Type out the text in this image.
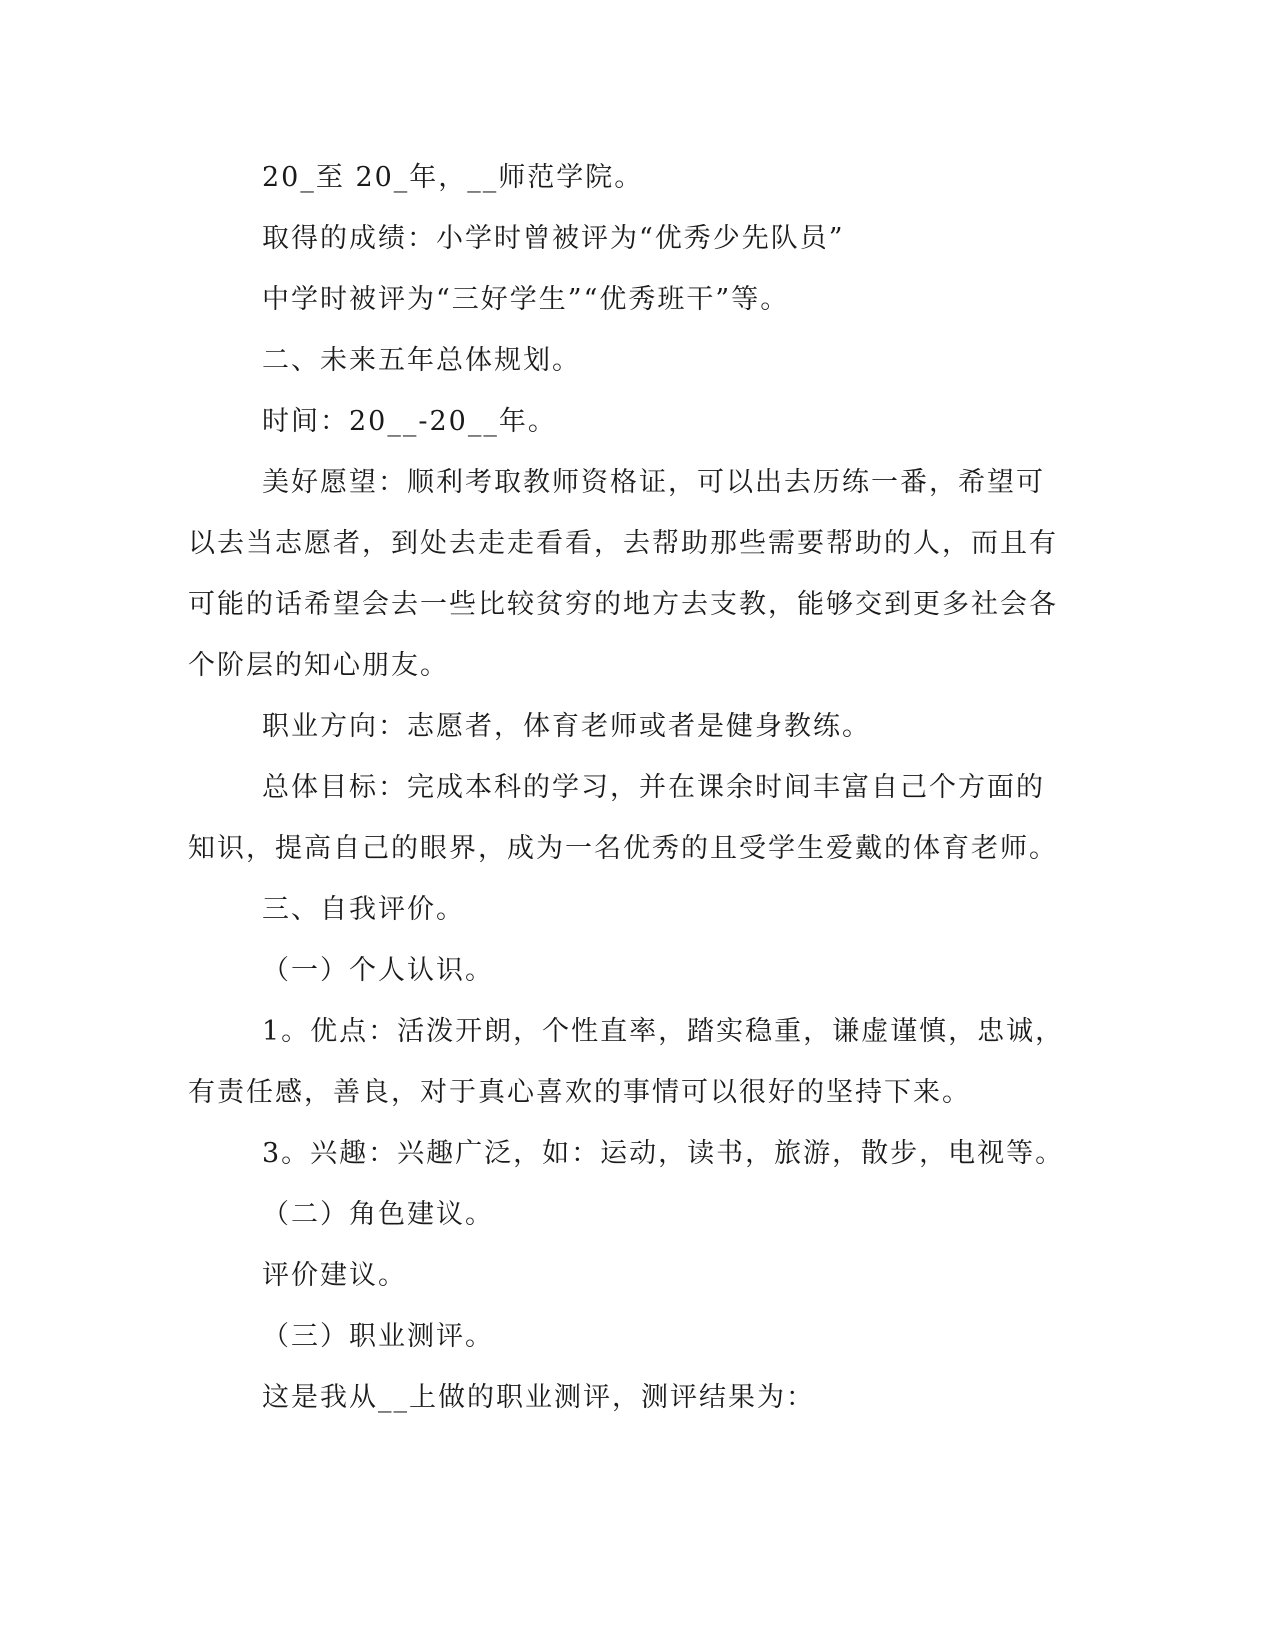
20_至 20_年，__师范学院。

取得的成绩：小学时曾被评为“优秀少先队员”

中学时被评为“三好学生”“优秀班干”等。

二、未来五年总体规划。

时间：20__-20__年。

美好愿望：顺利考取教师资格证，可以出去历练一番，希望可以去当志愿者，到处去走走看看，去帮助那些需要帮助的人，而且有可能的话希望会去一些比较贫穷的地方去支教，能够交到更多社会各个阶层的知心朋友。

职业方向：志愿者，体育老师或者是健身教练。

总体目标：完成本科的学习，并在课余时间丰富自己个方面的知识，提高自己的眼界，成为一名优秀的且受学生爱戴的体育老师。

三、自我评价。

（一）个人认识。

1。优点：活泼开朗，个性直率，踏实稳重，谦虚谨慎，忠诚，有责任感，善良，对于真心喜欢的事情可以很好的坚持下来。

3。兴趣：兴趣广泛，如：运动，读书，旅游，散步，电视等。

（二）角色建议。

评价建议。

（三）职业测评。

这是我从__上做的职业测评，测评结果为：
